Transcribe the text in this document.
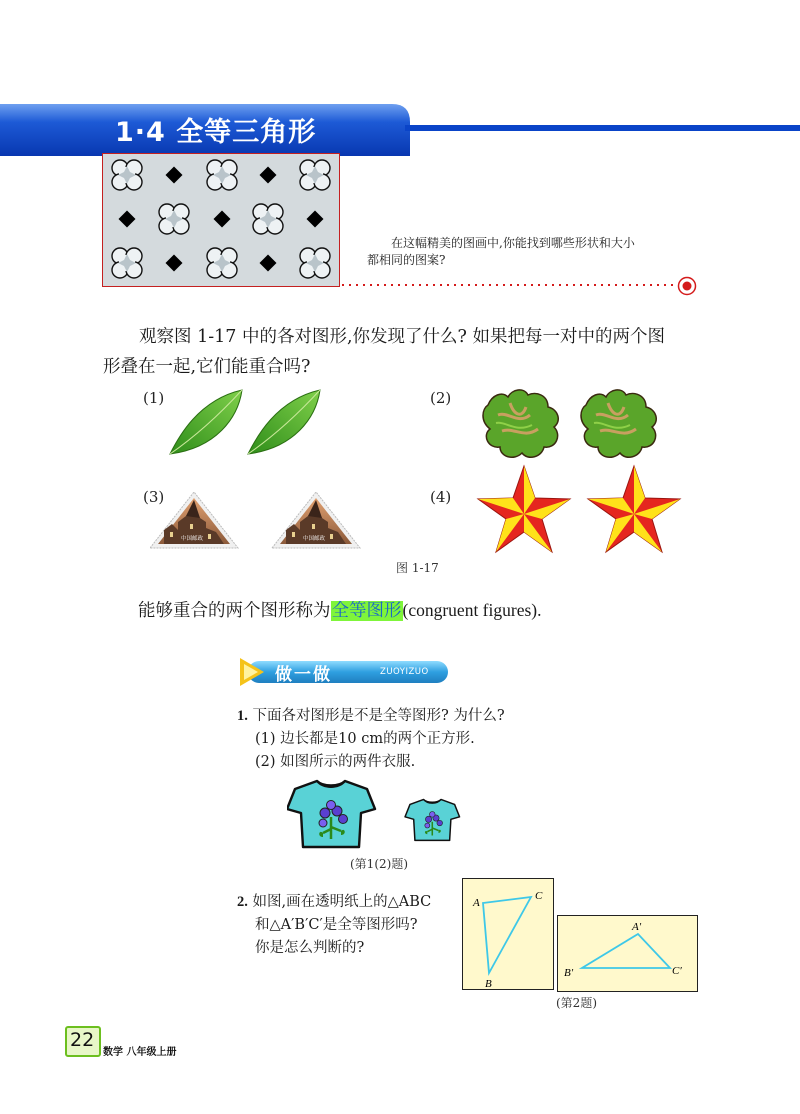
1·4 全等三角形
在这幅精美的图画中,你能找到哪些形状和大小
都相同的图案?
观察图 1-17 中的各对图形,你发现了什么? 如果把每一对中的两个图
形叠在一起,它们能重合吗?
(1)	(2)
(3)	(4)
中国邮政	中国邮政
图 1-17
能够重合的两个图形称为全等图形(congruent figures).
做一做	ZUOYIZUO
1. 下面各对图形是不是全等图形? 为什么?
(1) 边长都是10 cm的两个正方形.
(2) 如图所示的两件衣服.
(第1(2)题)
2. 如图,画在透明纸上的△ABC
和△A′B′C′是全等图形吗?
你是怎么判断的?
A
B
C
A′
B′	C′
(第2题)
22
数学 八年级上册
